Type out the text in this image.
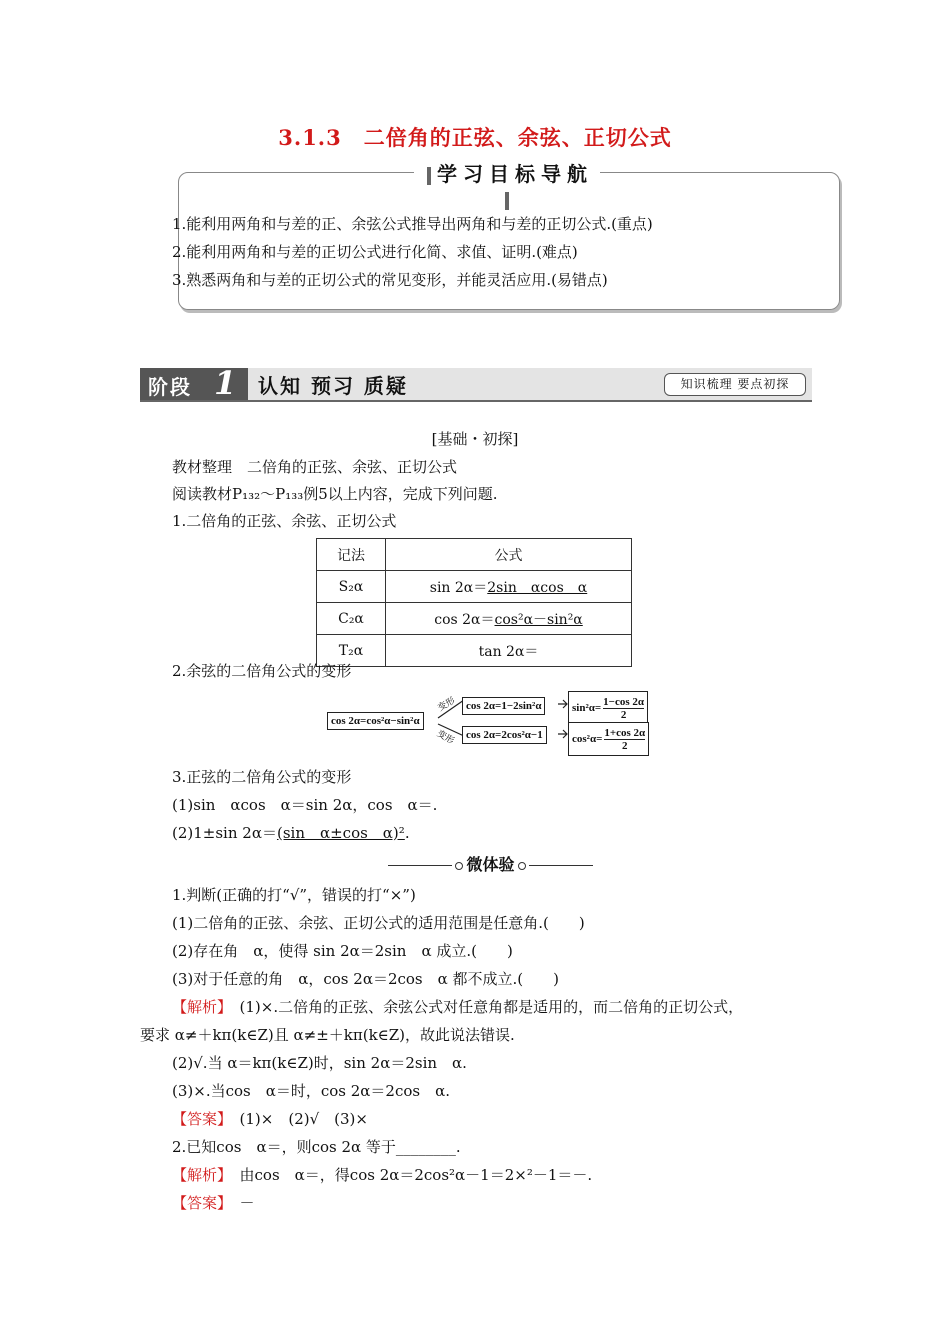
3.1.3　二倍角的正弦、余弦、正切公式
学习目标导航
1.能利用两角和与差的正、余弦公式推导出两角和与差的正切公式.(重点)
2.能利用两角和与差的正切公式进行化简、求值、证明.(难点)
3.熟悉两角和与差的正切公式的常见变形，并能灵活应用.(易错点)
阶段 1 认知 预习 质疑	知识梳理 要点初探
[基础・初探]
教材整理　二倍角的正弦、余弦、正切公式
阅读教材P₁₃₂～P₁₃₃例5以上内容，完成下列问题.
1.二倍角的正弦、余弦、正切公式
记法	公式
S₂α	sin 2α＝2sin　αcos　α
C₂α	cos 2α＝cos²α－sin²α
T₂α	tan 2α＝
2.余弦的二倍角公式的变形
cos 2α=cos²α−sin²α
变形
变形
cos 2α=1−2sin²α
cos 2α=2cos²α−1
$\sin^2\alpha= \frac{1-\cos 2\alpha}{2}$
$\cos^2\alpha= \frac{1+\cos 2\alpha}{2}$
3.正弦的二倍角公式的变形
(1)sin　αcos　α＝sin 2α，cos　α＝.
(2)1±sin 2α＝(sin　α±cos　α)².
微体验
1.判断(正确的打“√”，错误的打“×”)
(1)二倍角的正弦、余弦、正切公式的适用范围是任意角.(　　)
(2)存在角　α，使得 sin 2α＝2sin　α 成立.(　　)
(3)对于任意的角　α，cos 2α＝2cos　α 都不成立.(　　)
【解析】　 (1)×.二倍角的正弦、余弦公式对任意角都是适用的，而二倍角的正切公式，
要求 α≠＋kπ(k∈Z)且 α≠±＋kπ(k∈Z)，故此说法错误.
(2)√.当 α＝kπ(k∈Z)时，sin 2α＝2sin　α.
(3)×.当cos　α＝时，cos 2α＝2cos　α.
【答案】　 (1)×　(2)√　(3)×
2.已知cos　α＝，则cos 2α 等于________.
【解析】　 由cos　α＝，得cos 2α＝2cos²α－1＝2×²－1＝－.
【答案】　 －
